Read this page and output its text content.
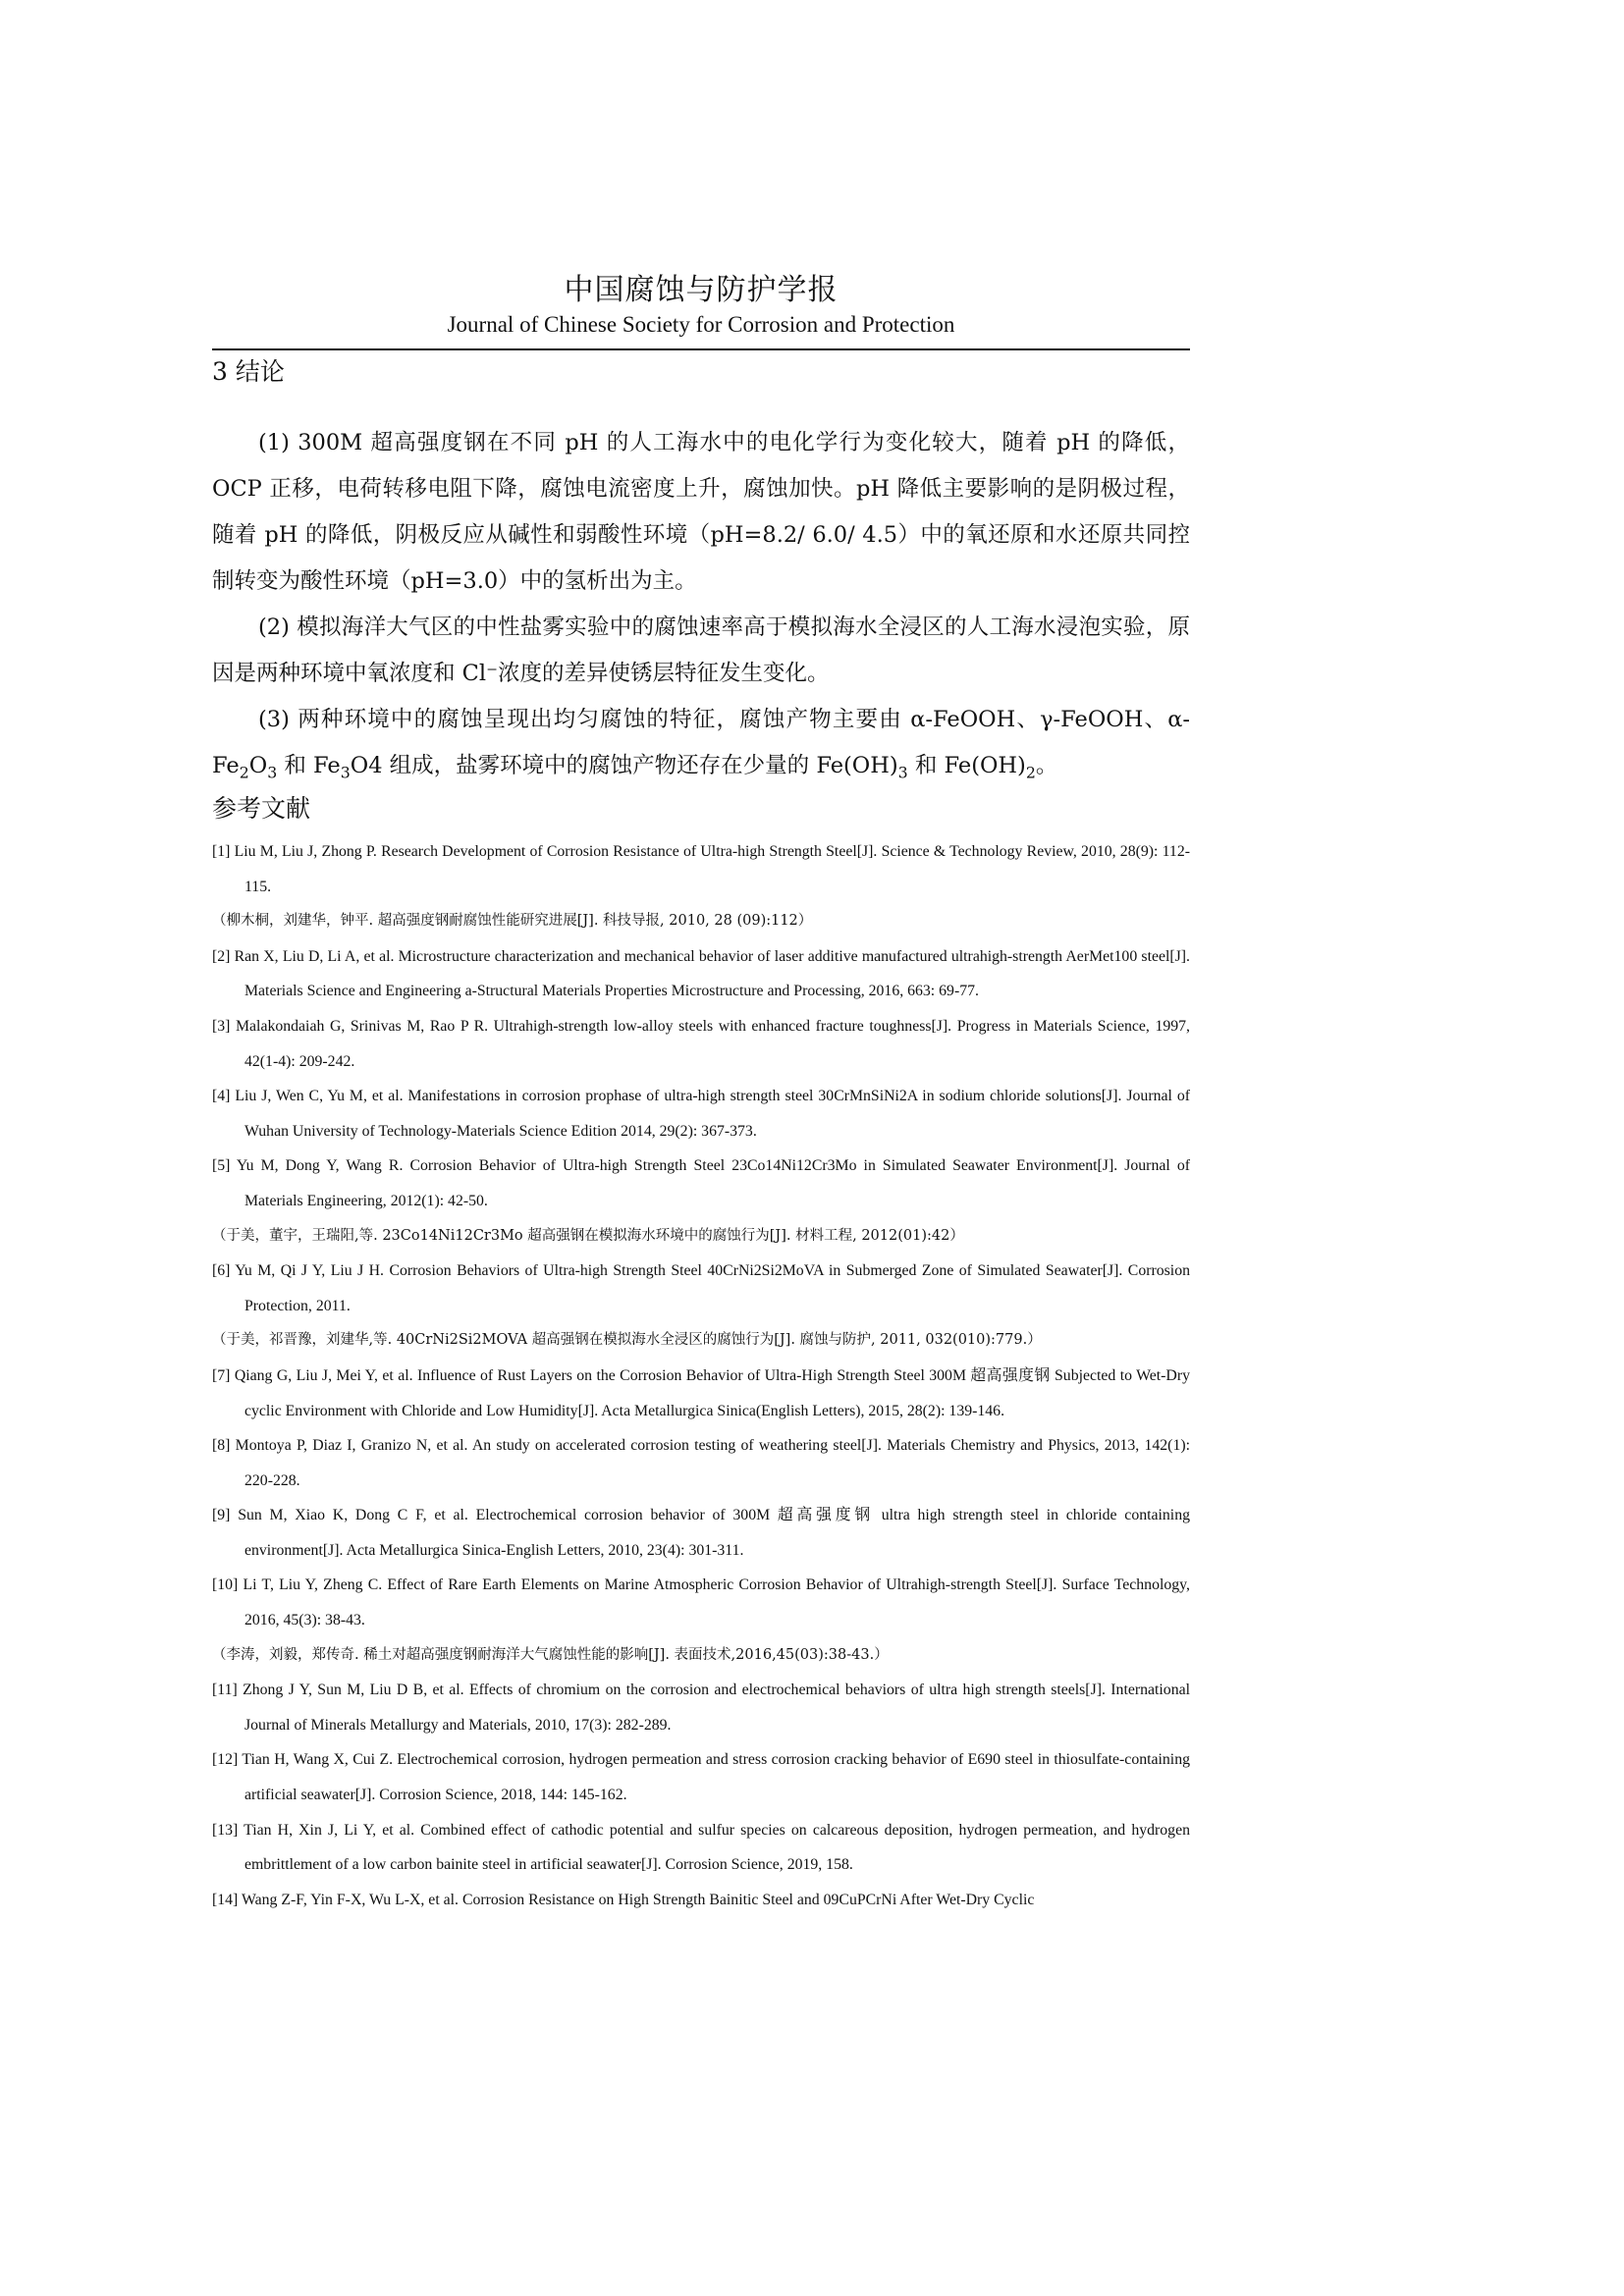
中国腐蚀与防护学报
Journal of Chinese Society for Corrosion and Protection
3 结论

(1) 300M 超高强度钢在不同 pH 的人工海水中的电化学行为变化较大，随着 pH 的降低，OCP 正移，电荷转移电阻下降，腐蚀电流密度上升，腐蚀加快。pH 降低主要影响的是阴极过程，随着 pH 的降低，阴极反应从碱性和弱酸性环境（pH=8.2/ 6.0/ 4.5）中的氧还原和水还原共同控制转变为酸性环境（pH=3.0）中的氢析出为主。

(2) 模拟海洋大气区的中性盐雾实验中的腐蚀速率高于模拟海水全浸区的人工海水浸泡实验，原因是两种环境中氧浓度和 Cl⁻浓度的差异使锈层特征发生变化。

(3) 两种环境中的腐蚀呈现出均匀腐蚀的特征，腐蚀产物主要由 α-FeOOH、γ-FeOOH、$\alpha-Fe_2O_3$ 和 $Fe_3O4$ 组成，盐雾环境中的腐蚀产物还存在少量的 $Fe(OH)_3$ 和 $Fe(OH)_2$。

参考文献

[1] Liu M, Liu J, Zhong P. Research Development of Corrosion Resistance of Ultra-high Strength Steel[J]. Science & Technology Review, 2010, 28(9): 112-115.

（柳木桐，刘建华，钟平. 超高强度钢耐腐蚀性能研究进展[J]. 科技导报, 2010, 28 (09):112）

[2] Ran X, Liu D, Li A, et al. Microstructure characterization and mechanical behavior of laser additive manufactured ultrahigh-strength AerMet100 steel[J]. Materials Science and Engineering a-Structural Materials Properties Microstructure and Processing, 2016, 663: 69-77.

[3] Malakondaiah G, Srinivas M, Rao P R. Ultrahigh-strength low-alloy steels with enhanced fracture toughness[J]. Progress in Materials Science, 1997, 42(1-4): 209-242.

[4] Liu J, Wen C, Yu M, et al. Manifestations in corrosion prophase of ultra-high strength steel 30CrMnSiNi2A in sodium chloride solutions[J]. Journal of Wuhan University of Technology-Materials Science Edition 2014, 29(2): 367-373.

[5] Yu M, Dong Y, Wang R. Corrosion Behavior of Ultra-high Strength Steel 23Co14Ni12Cr3Mo in Simulated Seawater Environment[J]. Journal of Materials Engineering, 2012(1): 42-50.

（于美，董宇，王瑞阳,等. 23Co14Ni12Cr3Mo 超高强钢在模拟海水环境中的腐蚀行为[J]. 材料工程, 2012(01):42）

[6] Yu M, Qi J Y, Liu J H. Corrosion Behaviors of Ultra-high Strength Steel 40CrNi2Si2MoVA in Submerged Zone of Simulated Seawater[J]. Corrosion Protection, 2011.

（于美，祁晋豫，刘建华,等. 40CrNi2Si2MOVA 超高强钢在模拟海水全浸区的腐蚀行为[J]. 腐蚀与防护, 2011, 032(010):779.）

[7] Qiang G, Liu J, Mei Y, et al. Influence of Rust Layers on the Corrosion Behavior of Ultra-High Strength Steel 300M 超高强度钢 Subjected to Wet-Dry cyclic Environment with Chloride and Low Humidity[J]. Acta Metallurgica Sinica(English Letters), 2015, 28(2): 139-146.

[8] Montoya P, Diaz I, Granizo N, et al. An study on accelerated corrosion testing of weathering steel[J]. Materials Chemistry and Physics, 2013, 142(1): 220-228.

[9] Sun M, Xiao K, Dong C F, et al. Electrochemical corrosion behavior of 300M 超高强度钢 ultra high strength steel in chloride containing environment[J]. Acta Metallurgica Sinica-English Letters, 2010, 23(4): 301-311.

[10] Li T, Liu Y, Zheng C. Effect of Rare Earth Elements on Marine Atmospheric Corrosion Behavior of Ultrahigh-strength Steel[J]. Surface Technology, 2016, 45(3): 38-43.

（李涛，刘毅，郑传奇. 稀土对超高强度钢耐海洋大气腐蚀性能的影响[J]. 表面技术,2016,45(03):38-43.）

[11] Zhong J Y, Sun M, Liu D B, et al. Effects of chromium on the corrosion and electrochemical behaviors of ultra high strength steels[J]. International Journal of Minerals Metallurgy and Materials, 2010, 17(3): 282-289.

[12] Tian H, Wang X, Cui Z. Electrochemical corrosion, hydrogen permeation and stress corrosion cracking behavior of E690 steel in thiosulfate-containing artificial seawater[J]. Corrosion Science, 2018, 144: 145-162.

[13] Tian H, Xin J, Li Y, et al. Combined effect of cathodic potential and sulfur species on calcareous deposition, hydrogen permeation, and hydrogen embrittlement of a low carbon bainite steel in artificial seawater[J]. Corrosion Science, 2019, 158.

[14] Wang Z-F, Yin F-X, Wu L-X, et al. Corrosion Resistance on High Strength Bainitic Steel and 09CuPCrNi After Wet-Dry Cyclic
